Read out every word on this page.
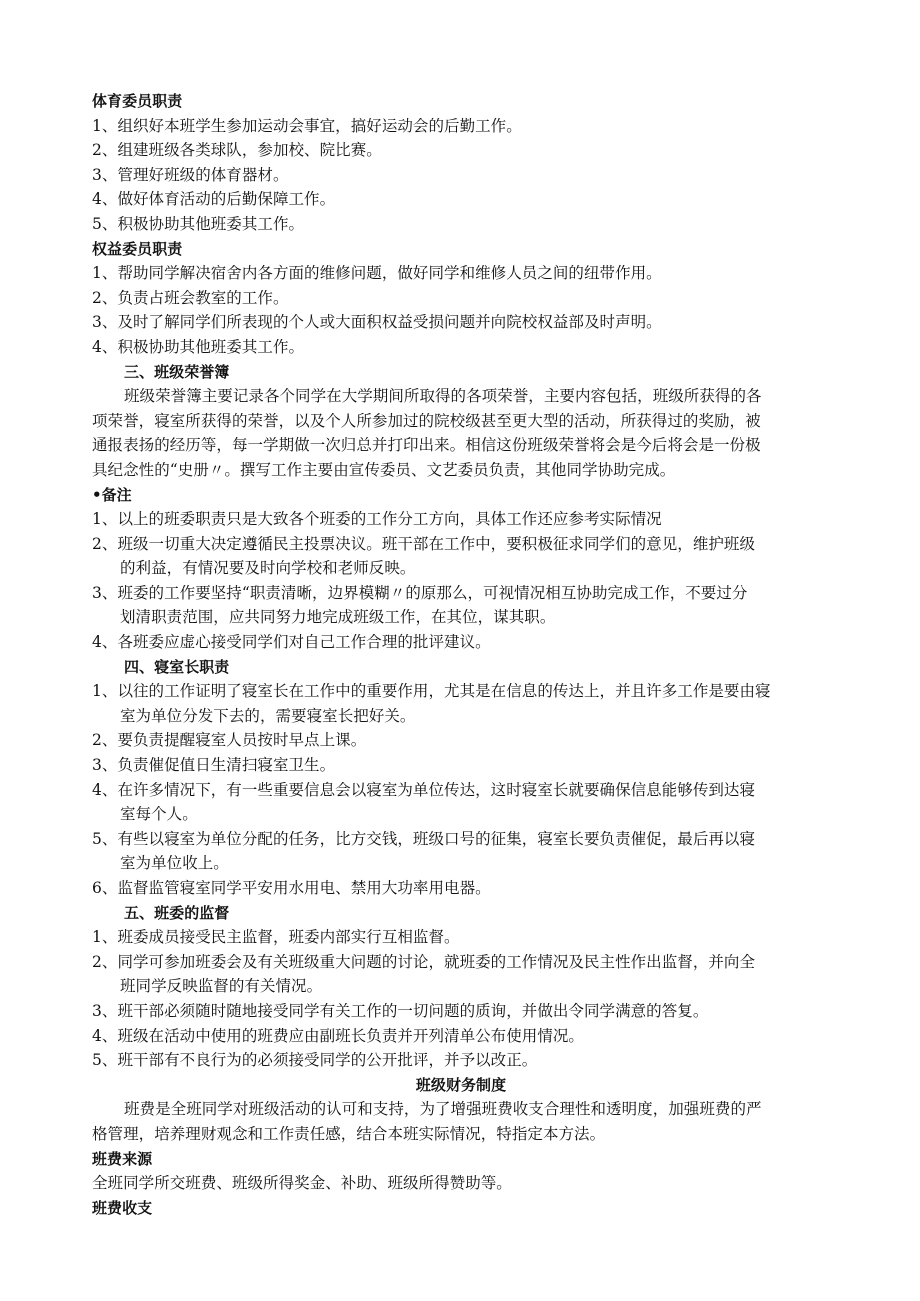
体育委员职责
1、组织好本班学生参加运动会事宜，搞好运动会的后勤工作。
2、组建班级各类球队，参加校、院比赛。
3、管理好班级的体育器材。
4、做好体育活动的后勤保障工作。
5、积极协助其他班委其工作。
权益委员职责
1、帮助同学解决宿舍内各方面的维修问题，做好同学和维修人员之间的纽带作用。
2、负责占班会教室的工作。
3、及时了解同学们所表现的个人或大面积权益受损问题并向院校权益部及时声明。
4、积极协助其他班委其工作。
三、班级荣誉簿
班级荣誉簿主要记录各个同学在大学期间所取得的各项荣誉，主要内容包括，班级所获得的各
项荣誉，寝室所获得的荣誉，以及个人所参加过的院校级甚至更大型的活动，所获得过的奖励，被
通报表扬的经历等，每一学期做一次归总并打印出来。相信这份班级荣誉将会是今后将会是一份极
具纪念性的“史册〃。撰写工作主要由宣传委员、文艺委员负责，其他同学协助完成。
•备注
1、以上的班委职责只是大致各个班委的工作分工方向，具体工作还应参考实际情况
2、班级一切重大决定遵循民主投票决议。班干部在工作中，要积极征求同学们的意见，维护班级
的利益，有情况要及时向学校和老师反映。
3、班委的工作要坚持“职责清晰，边界模糊〃的原那么，可视情况相互协助完成工作，不要过分
划清职责范围，应共同努力地完成班级工作，在其位，谋其职。
4、各班委应虚心接受同学们对自己工作合理的批评建议。
四、寝室长职责
1、以往的工作证明了寝室长在工作中的重要作用，尤其是在信息的传达上，并且许多工作是要由寝
室为单位分发下去的，需要寝室长把好关。
2、要负责提醒寝室人员按时早点上课。
3、负责催促值日生清扫寝室卫生。
4、在许多情况下，有一些重要信息会以寝室为单位传达，这时寝室长就要确保信息能够传到达寝
室每个人。
5、有些以寝室为单位分配的任务，比方交钱，班级口号的征集，寝室长要负责催促，最后再以寝
室为单位收上。
6、监督监管寝室同学平安用水用电、禁用大功率用电器。
五、班委的监督
1、班委成员接受民主监督，班委内部实行互相监督。
2、同学可参加班委会及有关班级重大问题的讨论，就班委的工作情况及民主性作出监督，并向全
班同学反映监督的有关情况。
3、班干部必须随时随地接受同学有关工作的一切问题的质询，并做出令同学满意的答复。
4、班级在活动中使用的班费应由副班长负责并开列清单公布使用情况。
5、班干部有不良行为的必须接受同学的公开批评，并予以改正。
班级财务制度
班费是全班同学对班级活动的认可和支持，为了增强班费收支合理性和透明度，加强班费的严
格管理，培养理财观念和工作责任感，结合本班实际情况，特指定本方法。
班费来源
全班同学所交班费、班级所得奖金、补助、班级所得赞助等。
班费收支
